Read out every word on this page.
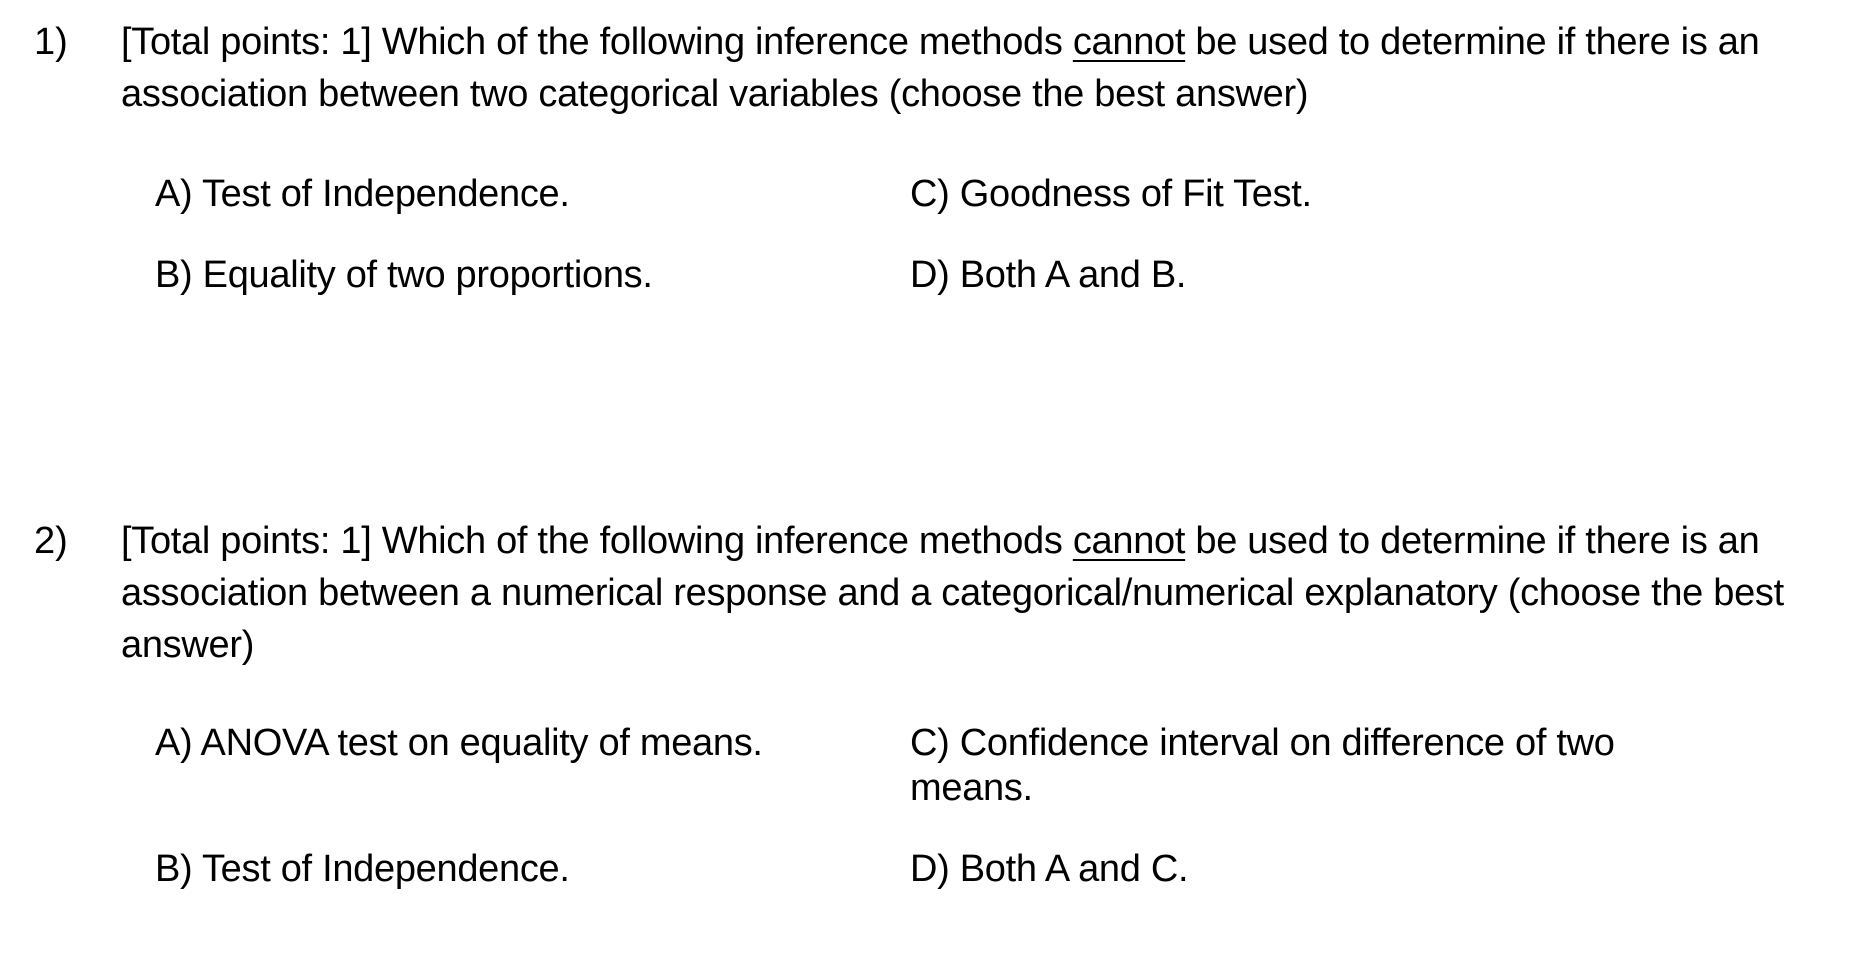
1) [Total points: 1] Which of the following inference methods cannot be used to determine if there is an association between two categorical variables (choose the best answer)
A) Test of Independence.	C) Goodness of Fit Test.
B) Equality of two proportions.	D) Both A and B.
2) [Total points: 1] Which of the following inference methods cannot be used to determine if there is an association between a numerical response and a categorical/numerical explanatory (choose the best answer)
A) ANOVA test on equality of means.	C) Confidence interval on difference of two means.
B) Test of Independence.	D) Both A and C.
